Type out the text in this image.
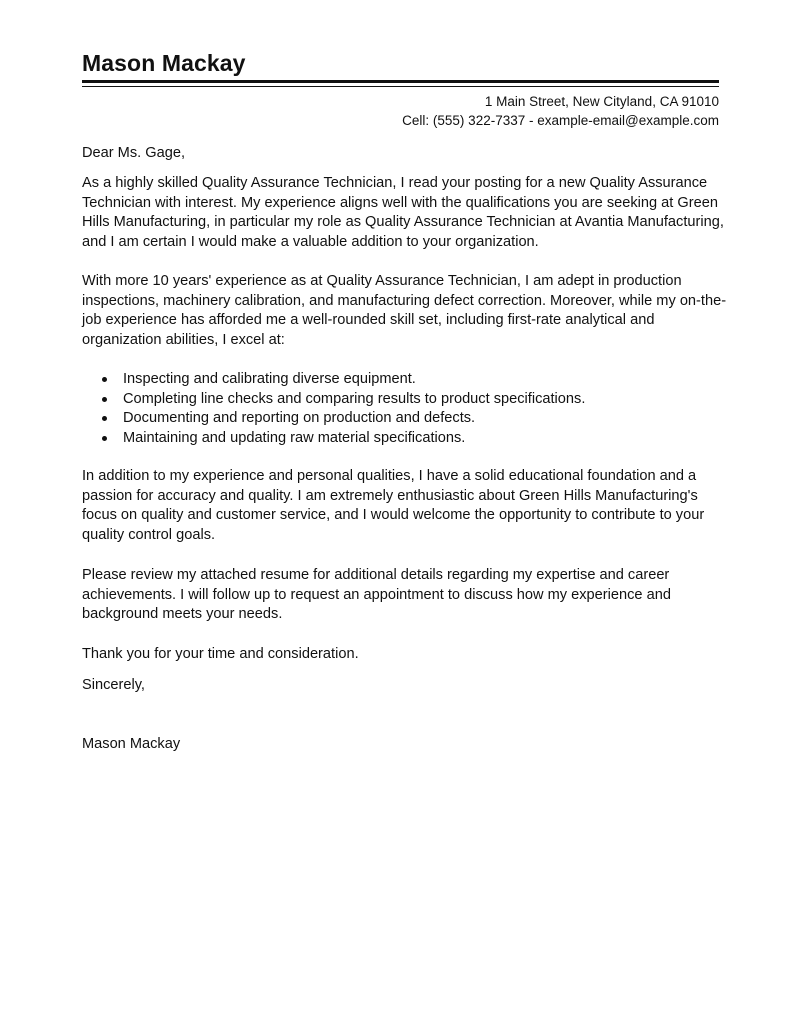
Mason Mackay
1 Main Street, New Cityland, CA 91010
Cell: (555) 322-7337 - example-email@example.com
Dear Ms. Gage,
As a highly skilled Quality Assurance Technician, I read your posting for a new Quality Assurance
Technician with interest. My experience aligns well with the qualifications you are seeking at Green
Hills Manufacturing, in particular my role as Quality Assurance Technician at Avantia Manufacturing,
and I am certain I would make a valuable addition to your organization.
With more 10 years' experience as at Quality Assurance Technician, I am adept in production
inspections, machinery calibration, and manufacturing defect correction. Moreover, while my on-the-
job experience has afforded me a well-rounded skill set, including first-rate analytical and
organization abilities, I excel at:
Inspecting and calibrating diverse equipment.
Completing line checks and comparing results to product specifications.
Documenting and reporting on production and defects.
Maintaining and updating raw material specifications.
In addition to my experience and personal qualities, I have a solid educational foundation and a
passion for accuracy and quality. I am extremely enthusiastic about Green Hills Manufacturing's
focus on quality and customer service, and I would welcome the opportunity to contribute to your
quality control goals.
Please review my attached resume for additional details regarding my expertise and career
achievements. I will follow up to request an appointment to discuss how my experience and
background meets your needs.
Thank you for your time and consideration.
Sincerely,
Mason Mackay
